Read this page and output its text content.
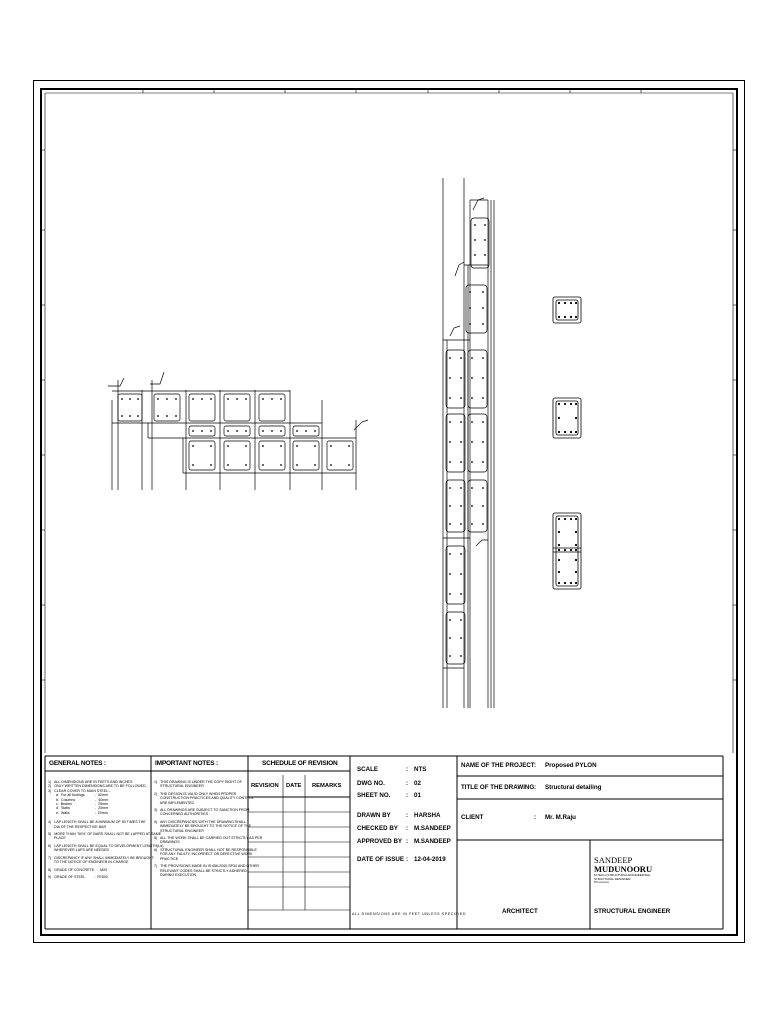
GENERAL NOTES :
1)   ALL DIMENSIONS ARE IN FEETS AND INCHES
2)   ONLY WRITTEN DIMENSIONS ARE TO BE FOLLOWED
3)   CLEAR COVER TO MAIN STEEL:-
a.  For all footings          -  40mm
b.  Columns                    -  40mm
c.  Beams                       -  25mm
d.  Slabs                         -  20mm
e.  Walls                         -  20mm
4)   LAP LENGTH SHALL BE A MINIMUM OF 50 TIMES THE
DIA OF THE RESPECTIVE BAR
5)   MORE THAN "50%" OF BARS SHALL NOT BE LAPPED AT SAME
PLACE
6)   LAP LENGTH SHALL BE EQUAL TO DEVELOPMENT LENGTH(Ld)
WHEREVER LAPS ARE NEEDED
7)   DISCREPANCY IF ANY SHALL IMMEDIATELY BE BROUGHT
TO THE NOTICE OF ENGINEER IN-CHARGE
8)   GRADE OF CONCRETE   :  M20
9)   GRADE OF STEEL         :  FE500
IMPORTANT NOTES :
1)   THIS DRAWING IS UNDER THE COPY RIGHT OF
STRUCTURAL ENGINEER
2)   THE DESIGN IS VALID ONLY WHEN PROPER
CONSTRUCTION PRACTICES AND QUALITY CONTROL
ARE IMPLEMENTED
3)   ALL DRAWINGS ARE SUBJECT TO SANCTION FROM
CONCERNED AUTHORITIES
4)   ANY DISCREPANCIES WITH THE DRAWING SHALL
IMMEDIATELY BE BROUGHT TO THE NOTICE OF THE
STRUCTURAL ENGINEER
5)   ALL THE WORK SHALL BE CARRIED OUT STRICTLY AS PER
DRAWINGS
6)   STRUCTURAL ENGINEER SHALL NOT BE RESPONSIBLE
FOR ANY FAULTY, INCORRECT OR DEFECTIVE WORK
PRACTICE
7)   THE PROVISIONS MADE IN IS:456-2000,SP34 AND OTHER
RELEVANT CODES SHALL BE STRICTLY ADHERED
DURING EXECUTION
SCHEDULE OF REVISION
REVISION DATE REMARKS
SCALE	: NTS
DWG NO.	: 02
SHEET NO.	: 01
DRAWN BY : HARSHA
CHECKED BY : M.SANDEEP
APPROVED BY : M.SANDEEP
DATE OF ISSUE : 12-04-2019
ALL DIMENSIONS ARE IN FEET UNLESS SPECIFIED
NAME OF THE PROJECT : Proposed PYLON
TITLE OF THE DRAWING : Structural detailing
CLIENT	: Mr. M.Raju
ARCHITECT	STRUCTURAL ENGINEER
SANDEEP
MUDUNOORU
M.TECH (STRUCTURAL ENGINEERING)
STRUCTURAL DESIGNER
Ph:xxxxxxx
